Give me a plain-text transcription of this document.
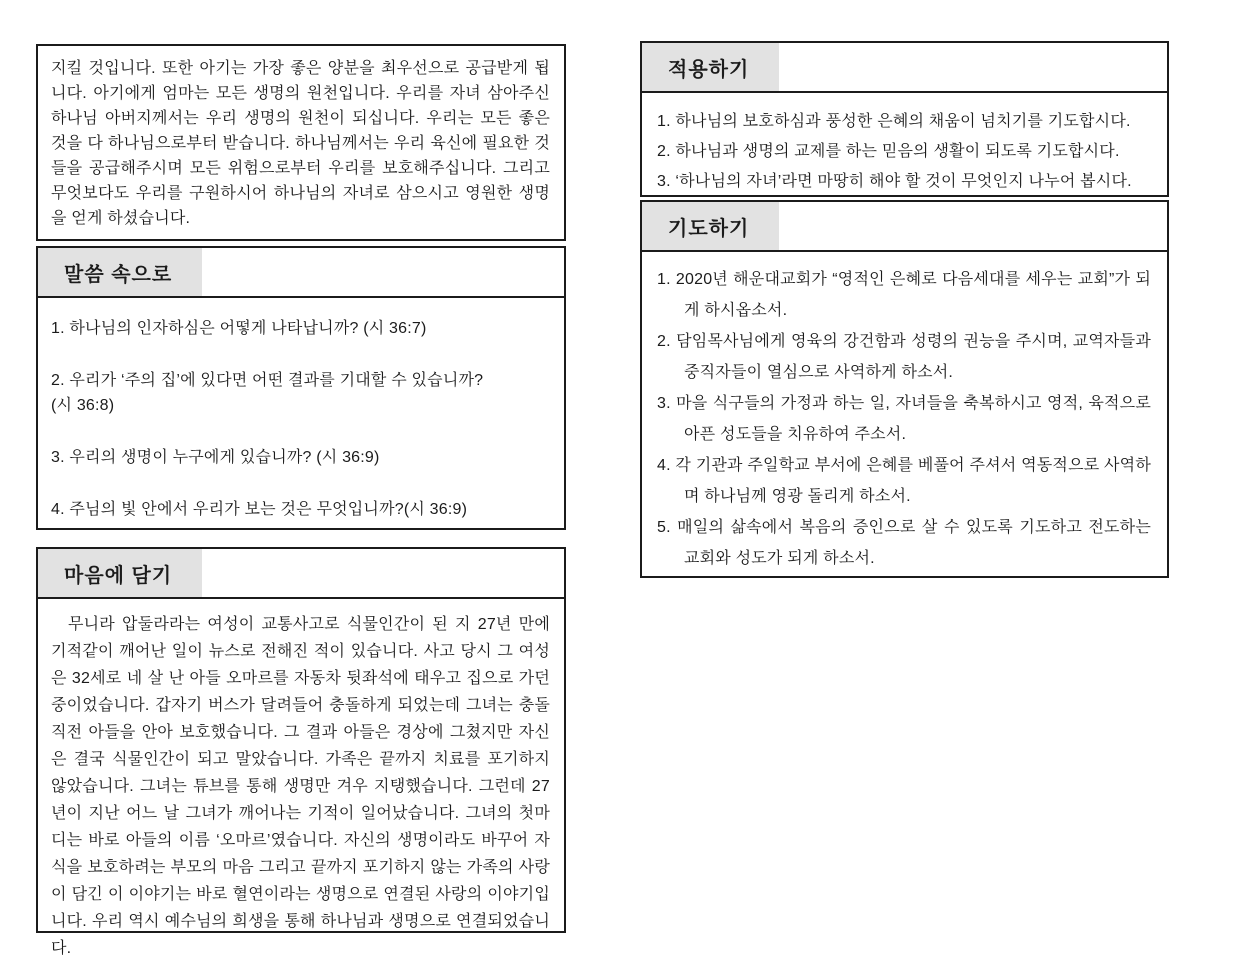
지킬 것입니다. 또한 아기는 가장 좋은 양분을 최우선으로 공급받게 됩니다. 아기에게 엄마는 모든 생명의 원천입니다. 우리를 자녀 삼아주신 하나님 아버지께서는 우리 생명의 원천이 되십니다. 우리는 모든 좋은 것을 다 하나님으로부터 받습니다. 하나님께서는 우리 육신에 필요한 것들을 공급해주시며 모든 위험으로부터 우리를 보호해주십니다. 그리고 무엇보다도 우리를 구원하시어 하나님의 자녀로 삼으시고 영원한 생명을 얻게 하셨습니다.
말씀 속으로
1. 하나님의 인자하심은 어떻게 나타납니까? (시 36:7)
2. 우리가 ‘주의 집’에 있다면 어떤 결과를 기대할 수 있습니까?
(시 36:8)
3. 우리의 생명이 누구에게 있습니까? (시 36:9)
4. 주님의 빛 안에서 우리가 보는 것은 무엇입니까?(시 36:9)
마음에 담기
무니라 압둘라라는 여성이 교통사고로 식물인간이 된 지 27년 만에 기적같이 깨어난 일이 뉴스로 전해진 적이 있습니다. 사고 당시 그 여성은 32세로 네 살 난 아들 오마르를 자동차 뒷좌석에 태우고 집으로 가던 중이었습니다. 갑자기 버스가 달려들어 충돌하게 되었는데 그녀는 충돌 직전 아들을 안아 보호했습니다. 그 결과 아들은 경상에 그쳤지만 자신은 결국 식물인간이 되고 말았습니다. 가족은 끝까지 치료를 포기하지 않았습니다. 그녀는 튜브를 통해 생명만 겨우 지탱했습니다. 그런데 27년이 지난 어느 날 그녀가 깨어나는 기적이 일어났습니다. 그녀의 첫마디는 바로 아들의 이름 ‘오마르’였습니다. 자신의 생명이라도 바꾸어 자식을 보호하려는 부모의 마음 그리고 끝까지 포기하지 않는 가족의 사랑이 담긴 이 이야기는 바로 혈연이라는 생명으로 연결된 사랑의 이야기입니다. 우리 역시 예수님의 희생을 통해 하나님과 생명으로 연결되었습니다.
적용하기
1. 하나님의 보호하심과 풍성한 은혜의 채움이 넘치기를 기도합시다.
2. 하나님과 생명의 교제를 하는 믿음의 생활이 되도록 기도합시다.
3. ‘하나님의 자녀’라면 마땅히 해야 할 것이 무엇인지 나누어 봅시다.
기도하기
1. 2020년 해운대교회가 “영적인 은혜로 다음세대를 세우는 교회”가 되게 하시옵소서.
2. 담임목사님에게 영육의 강건함과 성령의 권능을 주시며, 교역자들과 중직자들이 열심으로 사역하게 하소서.
3. 마을 식구들의 가정과 하는 일, 자녀들을 축복하시고 영적, 육적으로 아픈 성도들을 치유하여 주소서.
4. 각 기관과 주일학교 부서에 은혜를 베풀어 주셔서 역동적으로 사역하며 하나님께 영광 돌리게 하소서.
5. 매일의 삶속에서 복음의 증인으로 살 수 있도록 기도하고 전도하는 교회와 성도가 되게 하소서.
